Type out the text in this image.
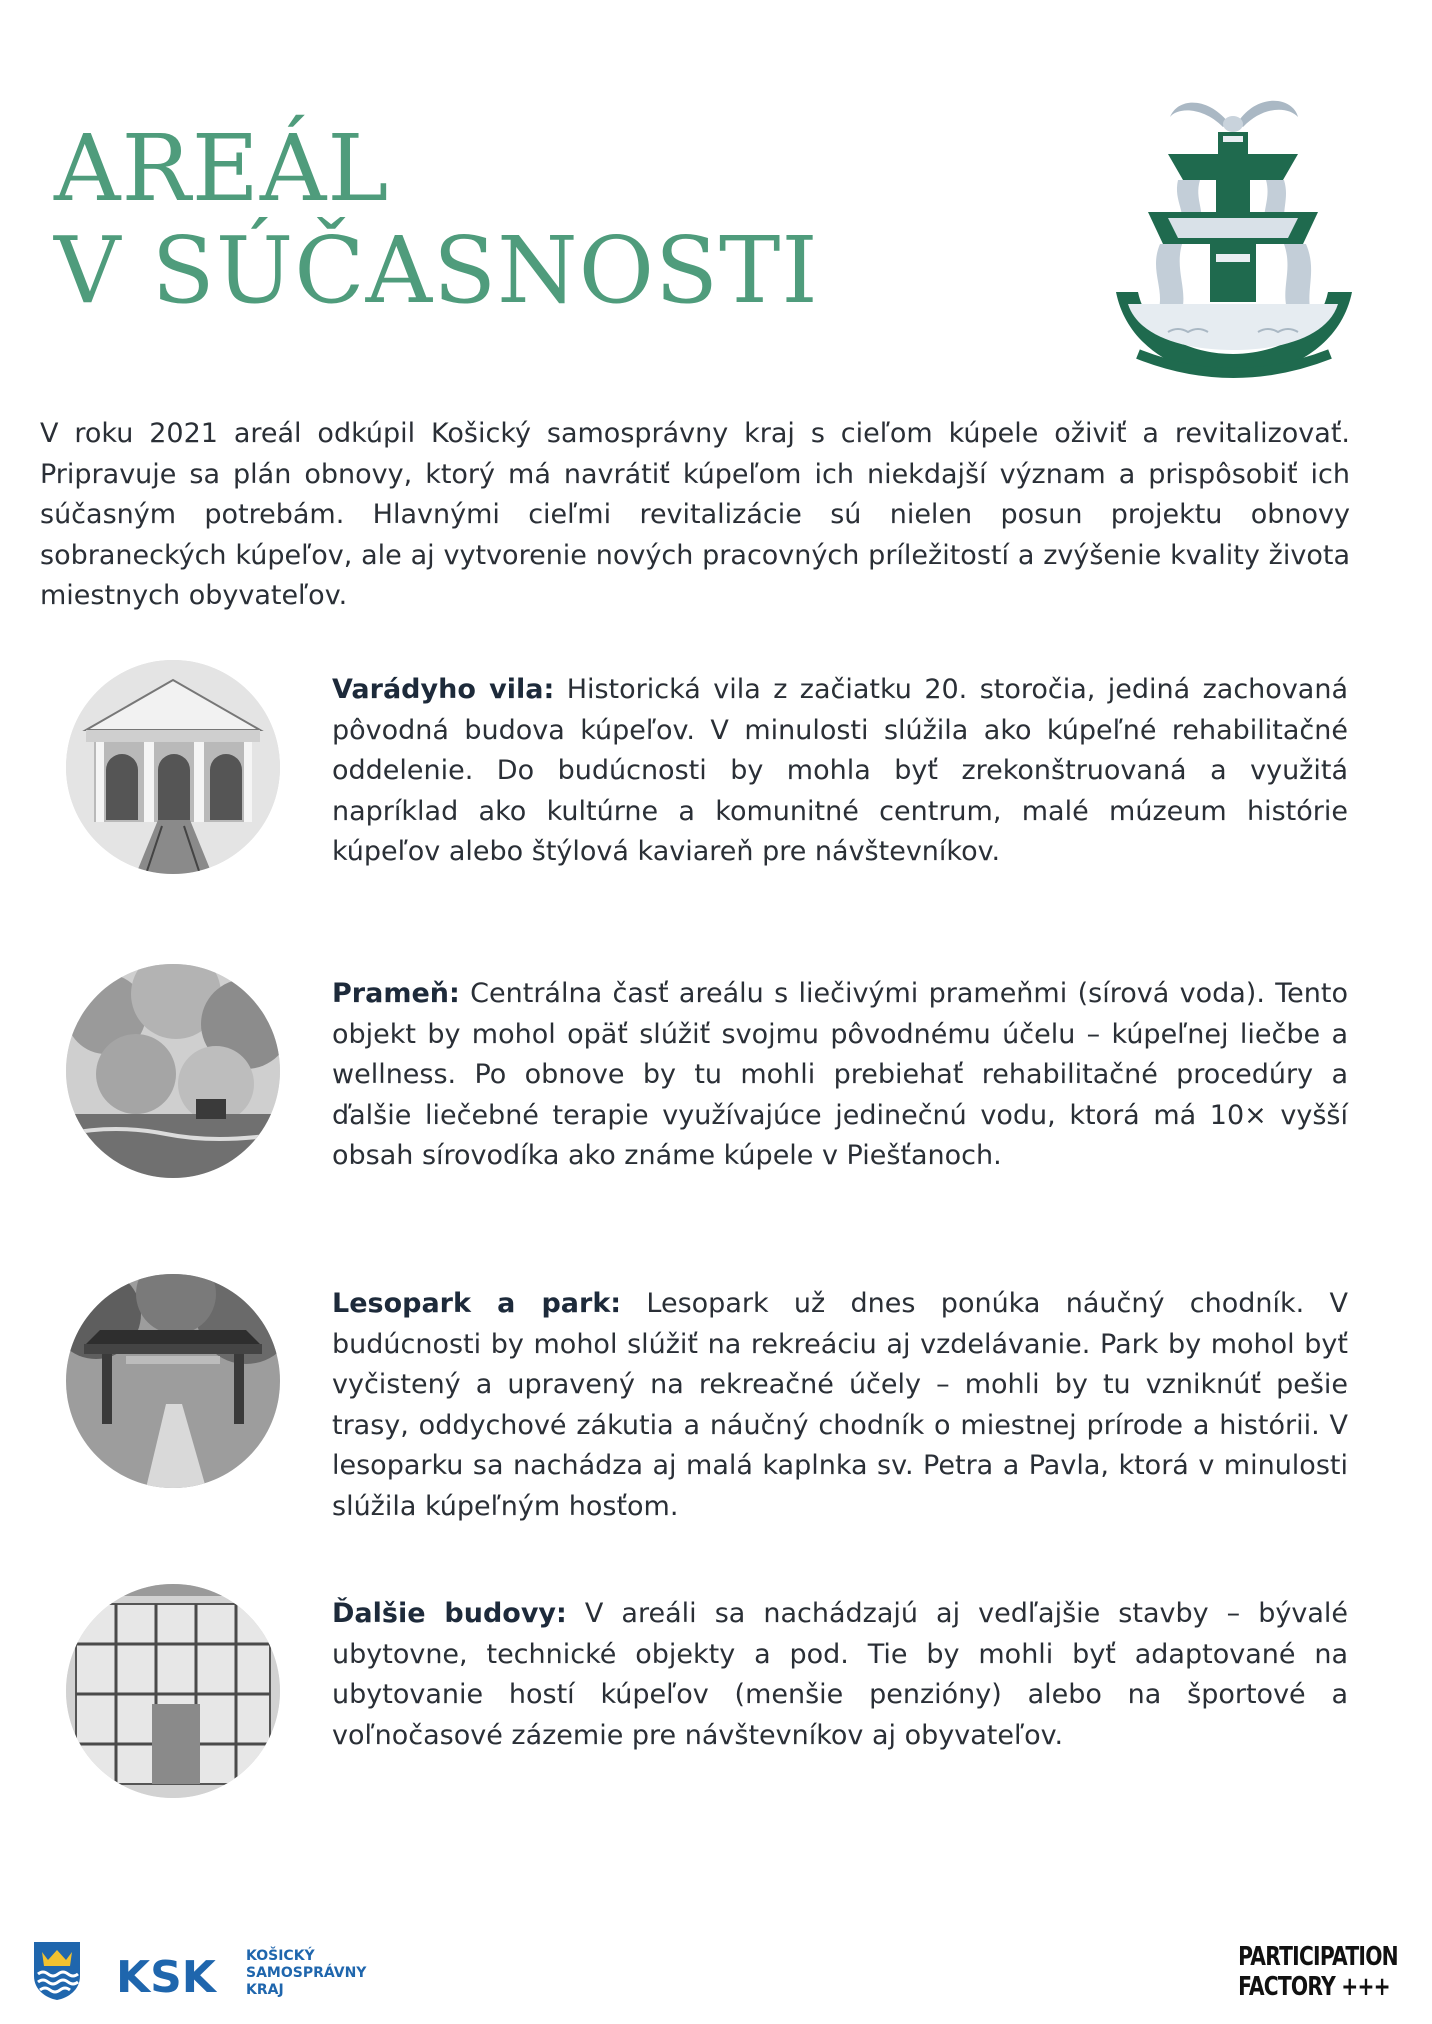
AREÁL
V SÚČASNOSTI

V roku 2021 areál odkúpil Košický samosprávny kraj s cieľom kúpele oživiť a revitalizovať. Pripravuje sa plán obnovy, ktorý má navrátiť kúpeľom ich niekdajší význam a prispôsobiť ich súčasným potrebám. Hlavnými cieľmi revitalizácie sú nielen posun projektu obnovy sobraneckých kúpeľov, ale aj vytvorenie nových pracovných príležitostí a zvýšenie kvality života miestnych obyvateľov.

Varádyho vila: Historická vila z začiatku 20. storočia, jediná zachovaná pôvodná budova kúpeľov. V minulosti slúžila ako kúpeľné rehabilitačné oddelenie. Do budúcnosti by mohla byť zrekonštruovaná a využitá napríklad ako kultúrne a komunitné centrum, malé múzeum histórie kúpeľov alebo štýlová kaviareň pre návštevníkov.

Prameň: Centrálna časť areálu s liečivými prameňmi (sírová voda). Tento objekt by mohol opäť slúžiť svojmu pôvodnému účelu – kúpeľnej liečbe a wellness. Po obnove by tu mohli prebiehať rehabilitačné procedúry a ďalšie liečebné terapie využívajúce jedinečnú vodu, ktorá má 10× vyšší obsah sírovodíka ako známe kúpele v Piešťanoch.

Lesopark a park: Lesopark už dnes ponúka náučný chodník. V budúcnosti by mohol slúžiť na rekreáciu aj vzdelávanie. Park by mohol byť vyčistený a upravený na rekreačné účely – mohli by tu vzniknúť pešie trasy, oddychové zákutia a náučný chodník o miestnej prírode a histórii. V lesoparku sa nachádza aj malá kaplnka sv. Petra a Pavla, ktorá v minulosti slúžila kúpeľným hosťom.

Ďalšie budovy: V areáli sa nachádzajú aj vedľajšie stavby – bývalé ubytovne, technické objekty a pod. Tie by mohli byť adaptované na ubytovanie hostí kúpeľov (menšie penzióny) alebo na športové a voľnočasové zázemie pre návštevníkov aj obyvateľov.

KSK KOŠICKÝ
SAMOSPRÁVNY
KRAJ
PARTICIPATION
FACTORY +++
